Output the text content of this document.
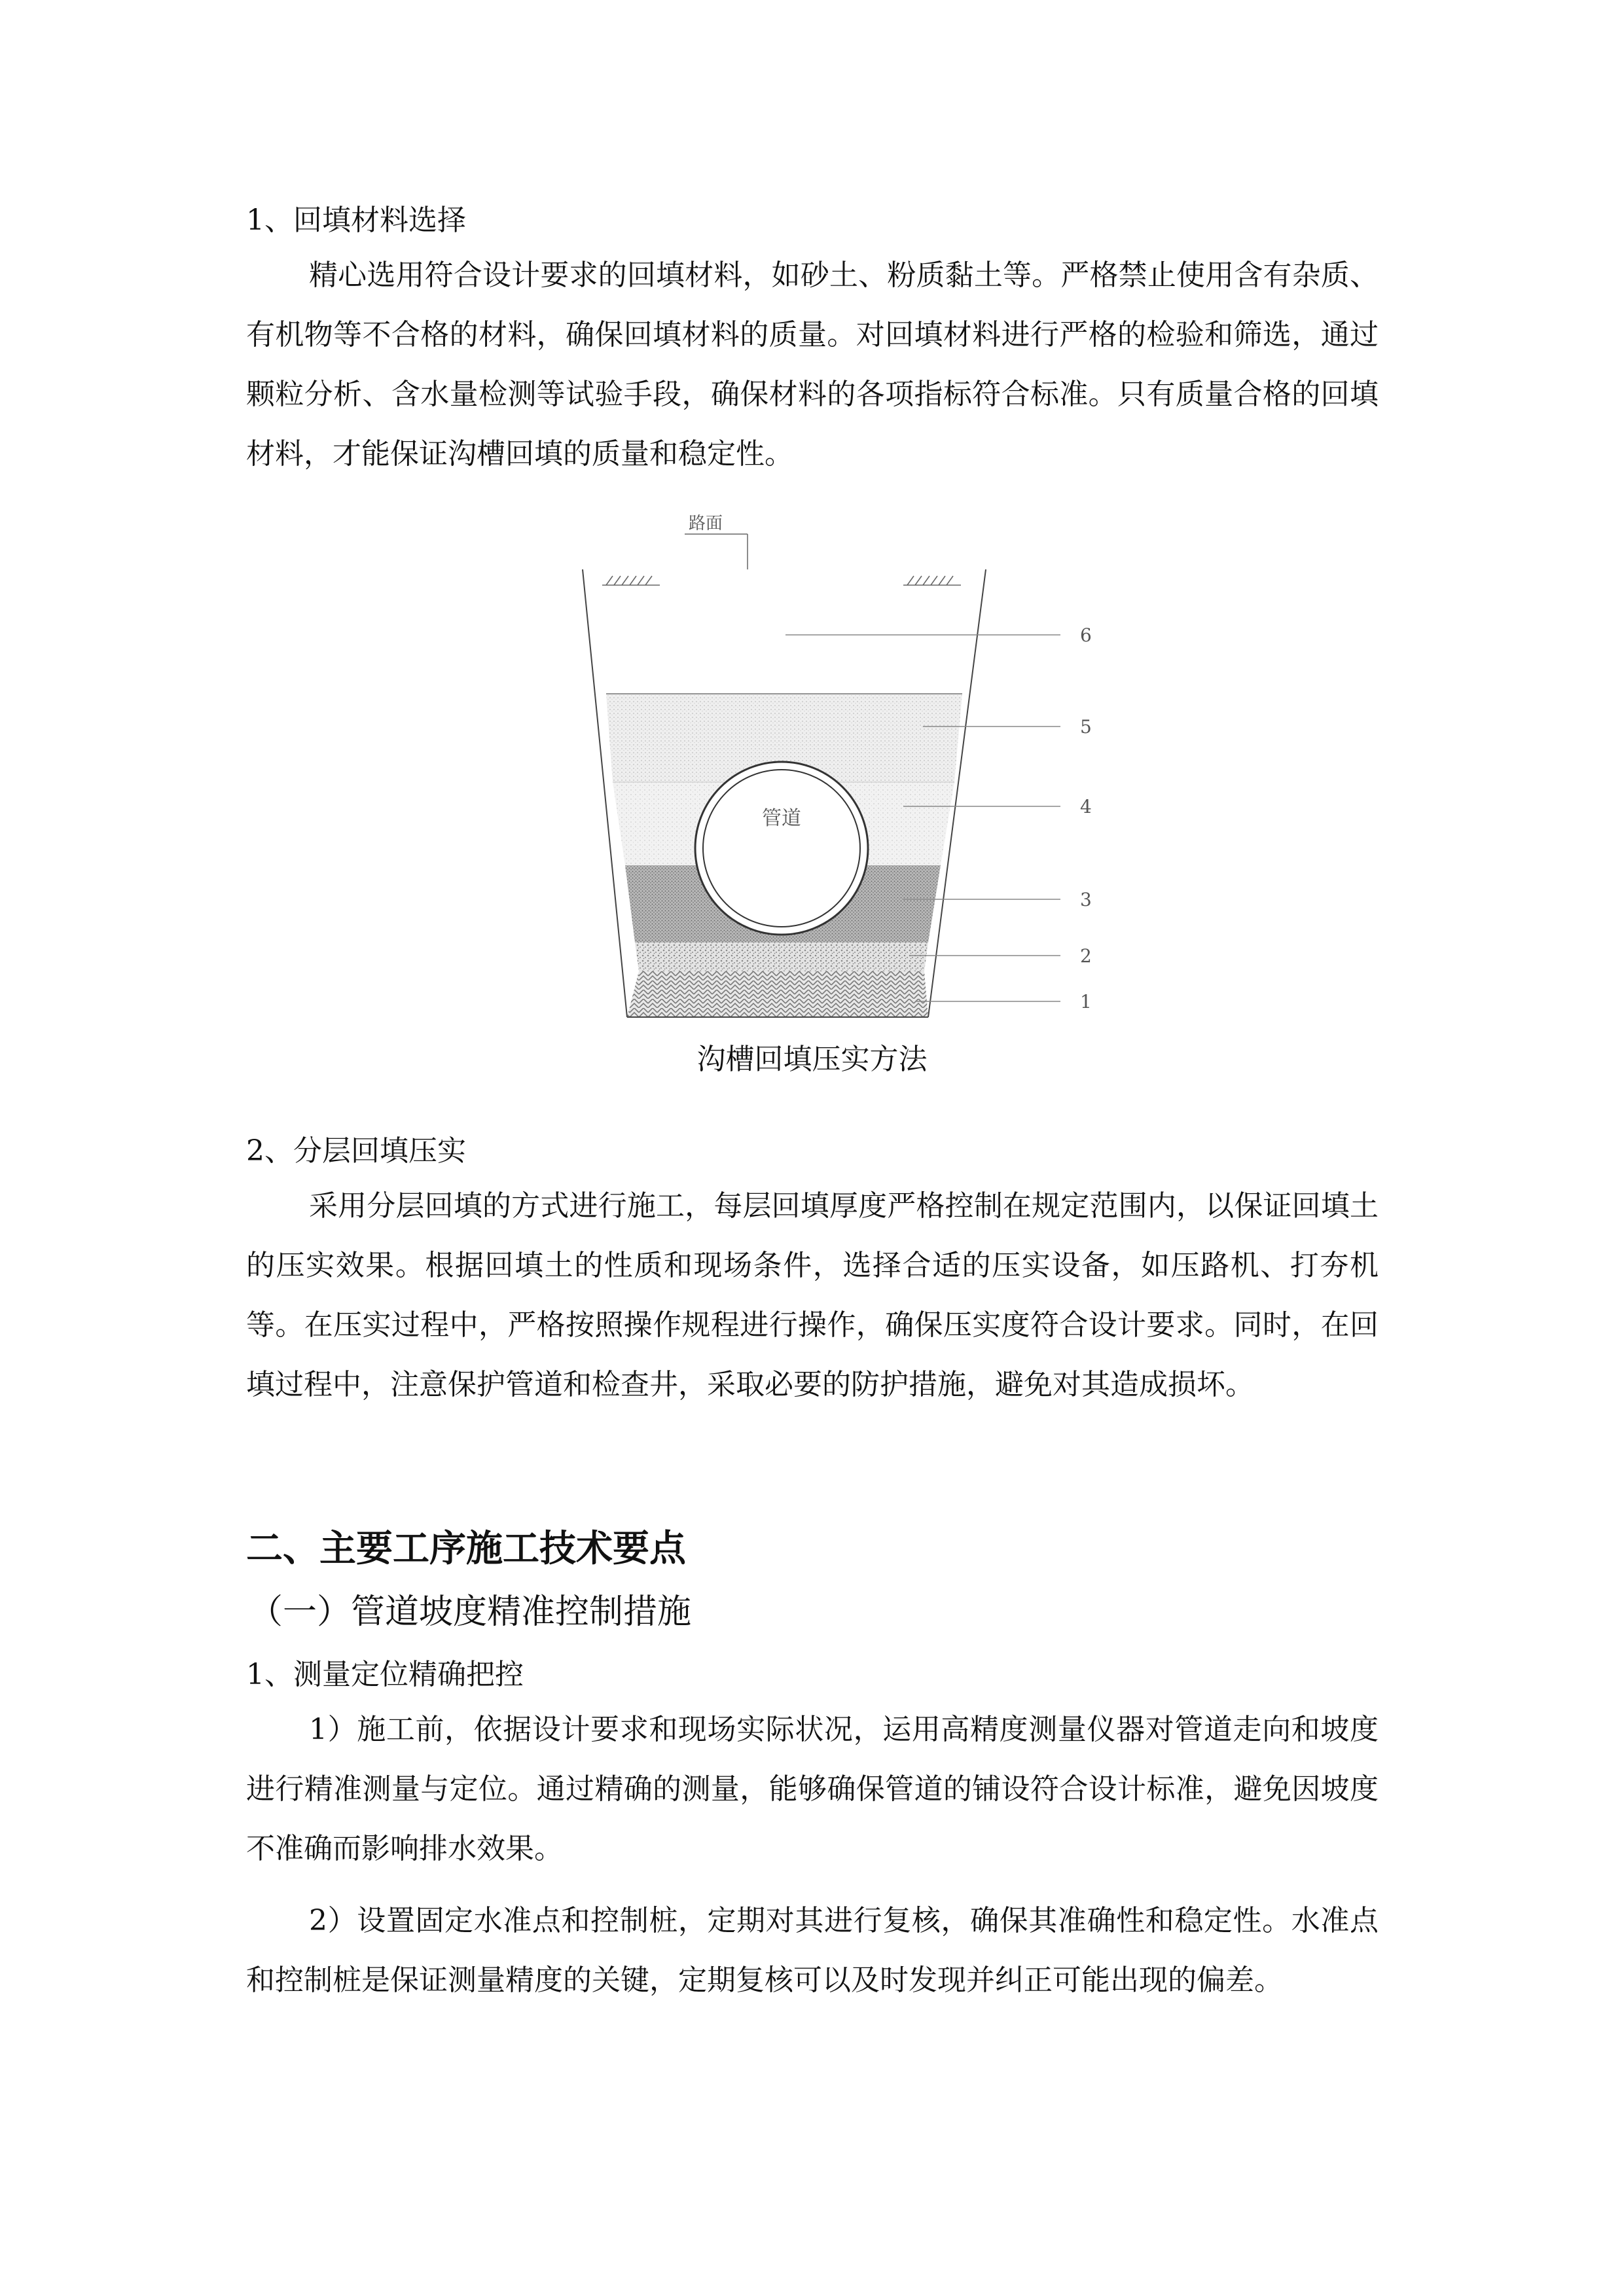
1、回填材料选择

精心选用符合设计要求的回填材料，如砂土、粉质黏土等。严格禁止使用含有杂质、有机物等不合格的材料，确保回填材料的质量。对回填材料进行严格的检验和筛选，通过颗粒分析、含水量检测等试验手段，确保材料的各项指标符合标准。只有质量合格的回填材料，才能保证沟槽回填的质量和稳定性。

路面
管道
6
5
4
3
2
1
沟槽回填压实方法
2、分层回填压实

采用分层回填的方式进行施工，每层回填厚度严格控制在规定范围内，以保证回填土的压实效果。根据回填土的性质和现场条件，选择合适的压实设备，如压路机、打夯机等。在压实过程中，严格按照操作规程进行操作，确保压实度符合设计要求。同时，在回填过程中，注意保护管道和检查井，采取必要的防护措施，避免对其造成损坏。

二、主要工序施工技术要点
（一）管道坡度精准控制措施
1、测量定位精确把控

1）施工前，依据设计要求和现场实际状况，运用高精度测量仪器对管道走向和坡度进行精准测量与定位。通过精确的测量，能够确保管道的铺设符合设计标准，避免因坡度不准确而影响排水效果。

2）设置固定水准点和控制桩，定期对其进行复核，确保其准确性和稳定性。水准点和控制桩是保证测量精度的关键，定期复核可以及时发现并纠正可能出现的偏差。
